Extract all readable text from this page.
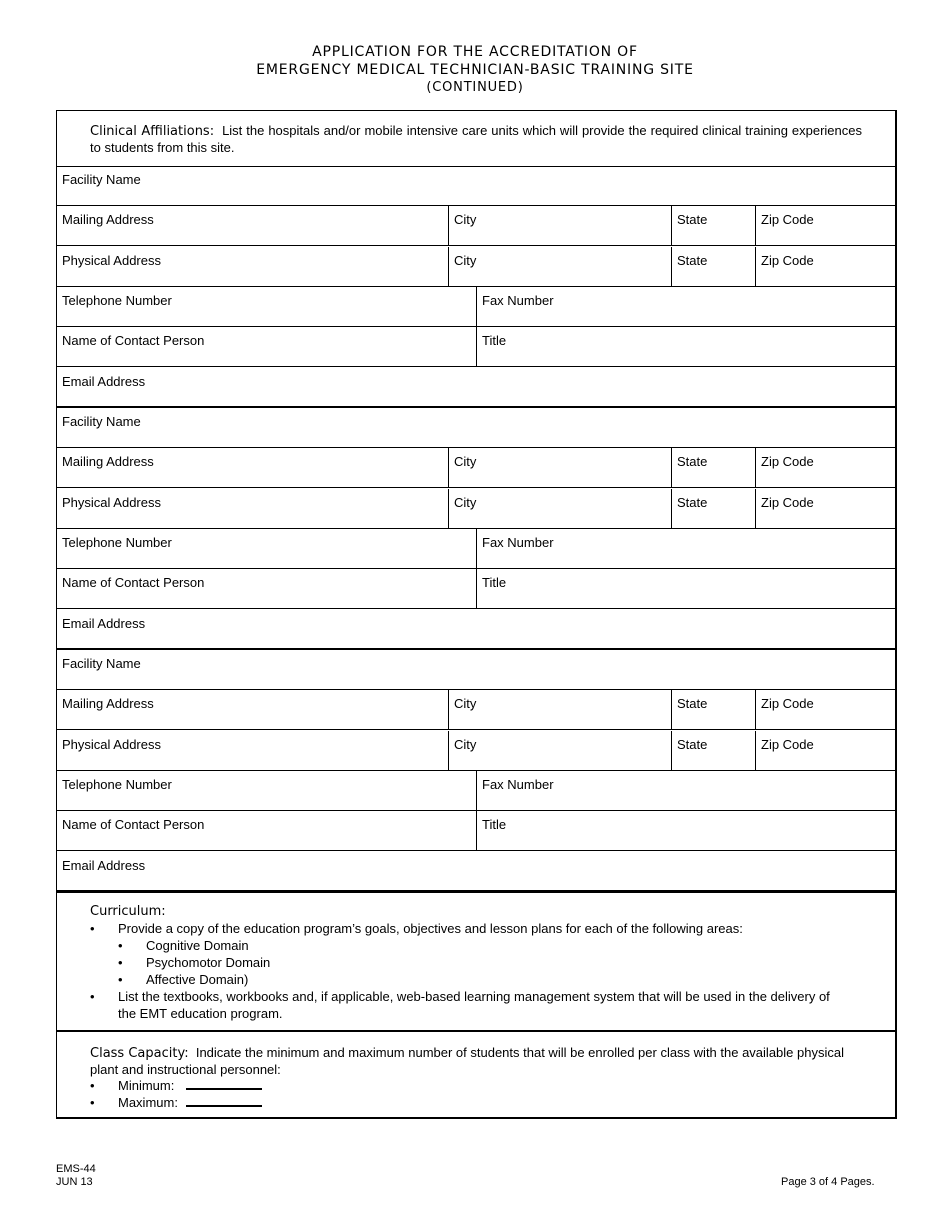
APPLICATION FOR THE ACCREDITATION OF
EMERGENCY MEDICAL TECHNICIAN-BASIC TRAINING SITE
(CONTINUED)
Clinical Affiliations: List the hospitals and/or mobile intensive care units which will provide the required clinical training experiences to students from this site.
Facility Name
Mailing Address	City	State	Zip Code
Physical Address	City	State	Zip Code
Telephone Number	Fax Number
Name of Contact Person	Title
Email Address
Facility Name
Mailing Address	City	State	Zip Code
Physical Address	City	State	Zip Code
Telephone Number	Fax Number
Name of Contact Person	Title
Email Address
Facility Name
Mailing Address	City	State	Zip Code
Physical Address	City	State	Zip Code
Telephone Number	Fax Number
Name of Contact Person	Title
Email Address
Curriculum:
• Provide a copy of the education program’s goals, objectives and lesson plans for each of the following areas:
• Cognitive Domain
• Psychomotor Domain
• Affective Domain)
• List the textbooks, workbooks and, if applicable, web-based learning management system that will be used in the delivery of the EMT education program.
Class Capacity: Indicate the minimum and maximum number of students that will be enrolled per class with the available physical plant and instructional personnel:
• Minimum:
• Maximum:
EMS-44
JUN 13	Page 3 of 4 Pages.
